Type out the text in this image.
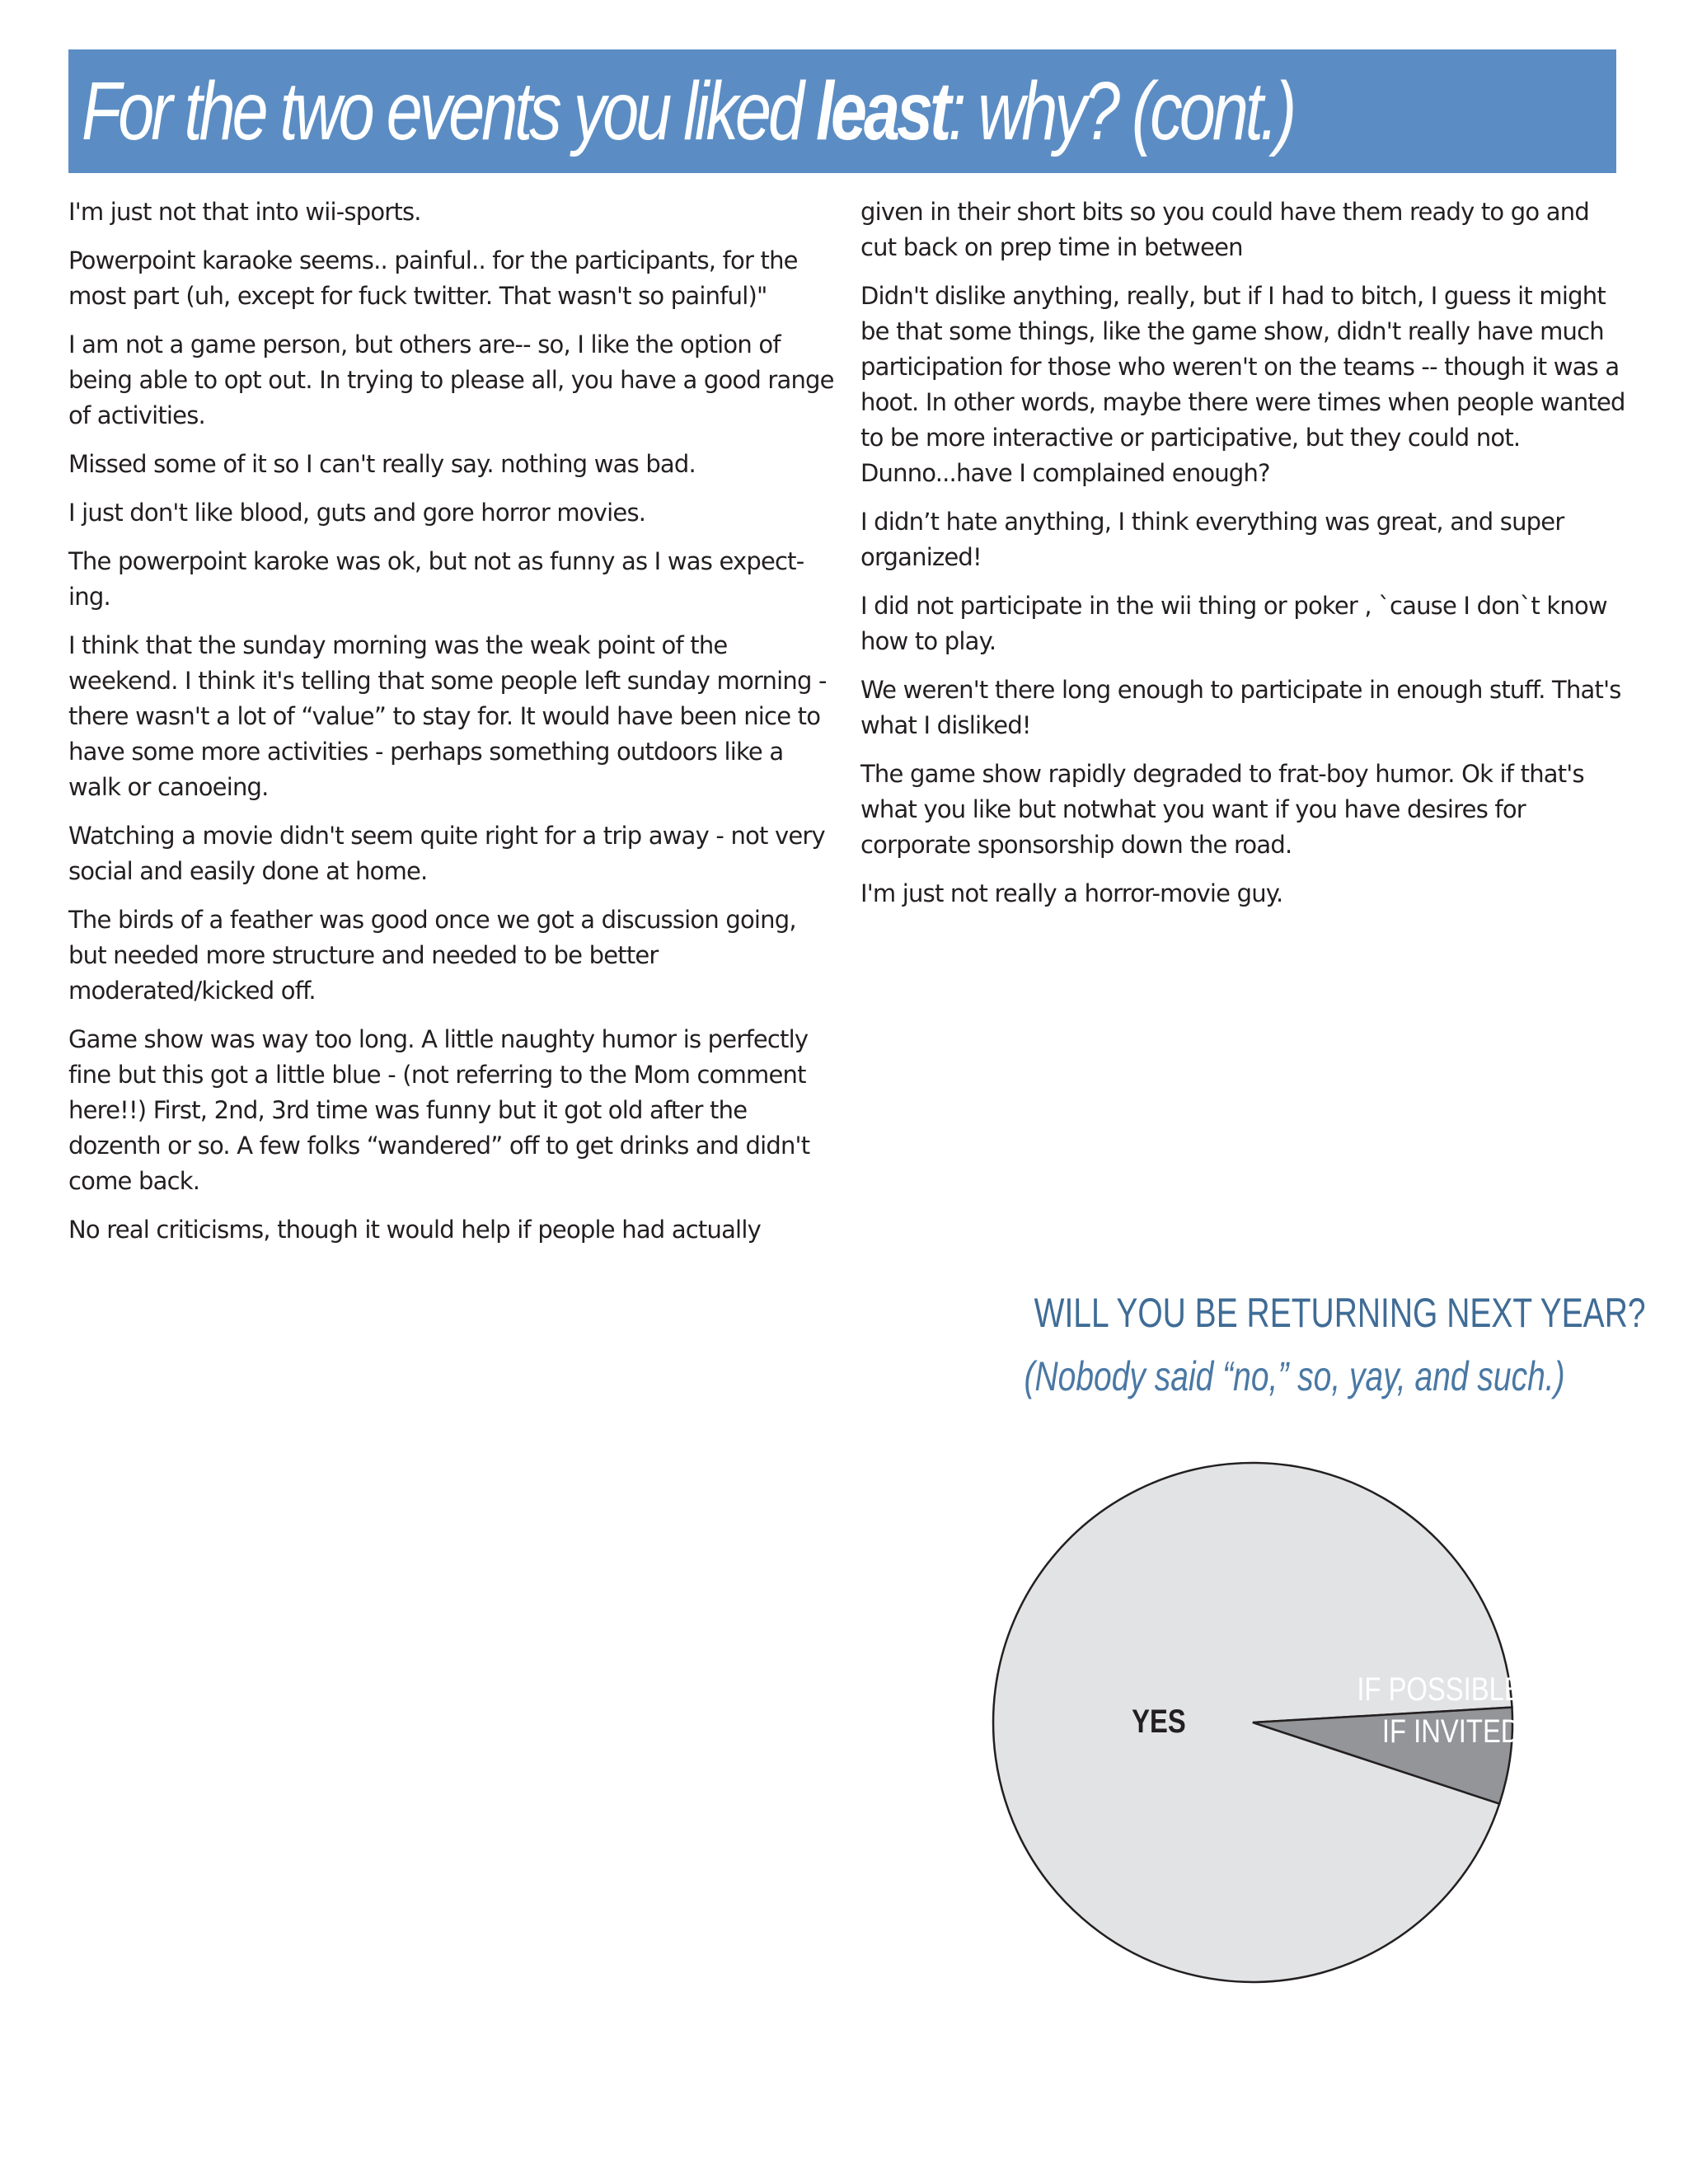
For the two events you liked least: why? (cont.)

I'm just not that into wii-sports.

Powerpoint karaoke seems.. painful.. for the participants, for the most part (uh, except for fuck twitter. That wasn't so painful)"

I am not a game person, but others are-- so, I like the option of being able to opt out. In trying to please all, you have a good range of activities.

Missed some of it so I can't really say. nothing was bad.

I just don't like blood, guts and gore horror movies.

The powerpoint karoke was ok, but not as funny as I was expect-ing.

I think that the sunday morning was the weak point of the weekend. I think it's telling that some people left sunday morning - there wasn't a lot of “value” to stay for. It would have been nice to have some more activities - perhaps something outdoors like a walk or canoeing.

Watching a movie didn't seem quite right for a trip away - not very social and easily done at home.

The birds of a feather was good once we got a discussion going, but needed more structure and needed to be better moderated/kicked off.

Game show was way too long. A little naughty humor is perfectly fine but this got a little blue - (not referring to the Mom comment here!!) First, 2nd, 3rd time was funny but it got old after the dozenth or so. A few folks “wandered” off to get drinks and didn't come back.

No real criticisms, though it would help if people had actually

given in their short bits so you could have them ready to go and cut back on prep time in between

Didn't dislike anything, really, but if I had to bitch, I guess it might be that some things, like the game show, didn't really have much participation for those who weren't on the teams -- though it was a hoot. In other words, maybe there were times when people wanted to be more interactive or participative, but they could not. Dunno...have I complained enough?

I didn’t hate anything, I think everything was great, and super organized!

I did not participate in the wii thing or poker , `cause I don`t know how to play.

We weren't there long enough to participate in enough stuff. That's what I disliked!

The game show rapidly degraded to frat-boy humor. Ok if that's what you like but notwhat you want if you have desires for corporate sponsorship down the road.

I'm just not really a horror-movie guy.

WILL YOU BE RETURNING NEXT YEAR?
(Nobody said “no,” so, yay, and such.)
YES
IF POSSIBLE/ IF INVITED
